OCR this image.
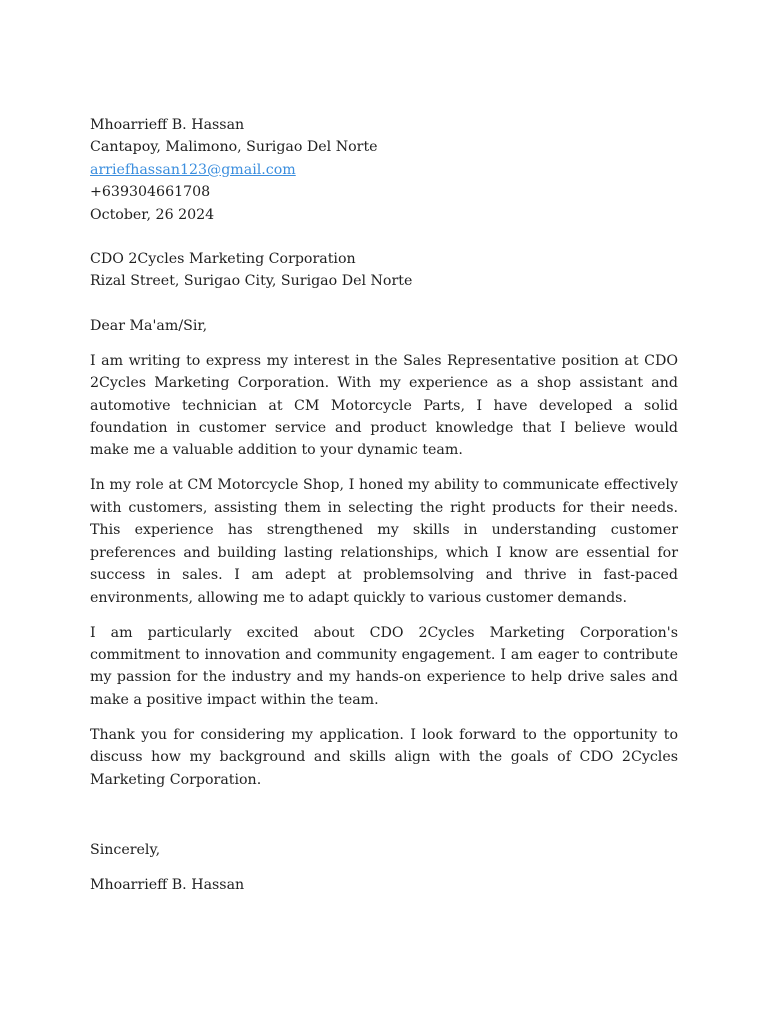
Mhoarrieff B. Hassan
Cantapoy, Malimono, Surigao Del Norte
arriefhassan123@gmail.com
+639304661708
October, 26 2024
CDO 2Cycles Marketing Corporation
Rizal Street, Surigao City, Surigao Del Norte

Dear Ma'am/Sir,

I am writing to express my interest in the Sales Representative position at CDO 2Cycles Marketing Corporation. With my experience as a shop assistant and automotive technician at CM Motorcycle Parts, I have developed a solid foundation in customer service and product knowledge that I believe would make me a valuable addition to your dynamic team.

In my role at CM Motorcycle Shop, I honed my ability to communicate effectively with customers, assisting them in selecting the right products for their needs. This experience has strengthened my skills in understanding customer preferences and building lasting relationships, which I know are essential for success in sales. I am adept at problemsolving and thrive in fast-paced environments, allowing me to adapt quickly to various customer demands.

I am particularly excited about CDO 2Cycles Marketing Corporation's commitment to innovation and community engagement. I am eager to contribute my passion for the industry and my hands-on experience to help drive sales and make a positive impact within the team.

Thank you for considering my application. I look forward to the opportunity to discuss how my background and skills align with the goals of CDO 2Cycles Marketing Corporation.

Sincerely,

Mhoarrieff B. Hassan
